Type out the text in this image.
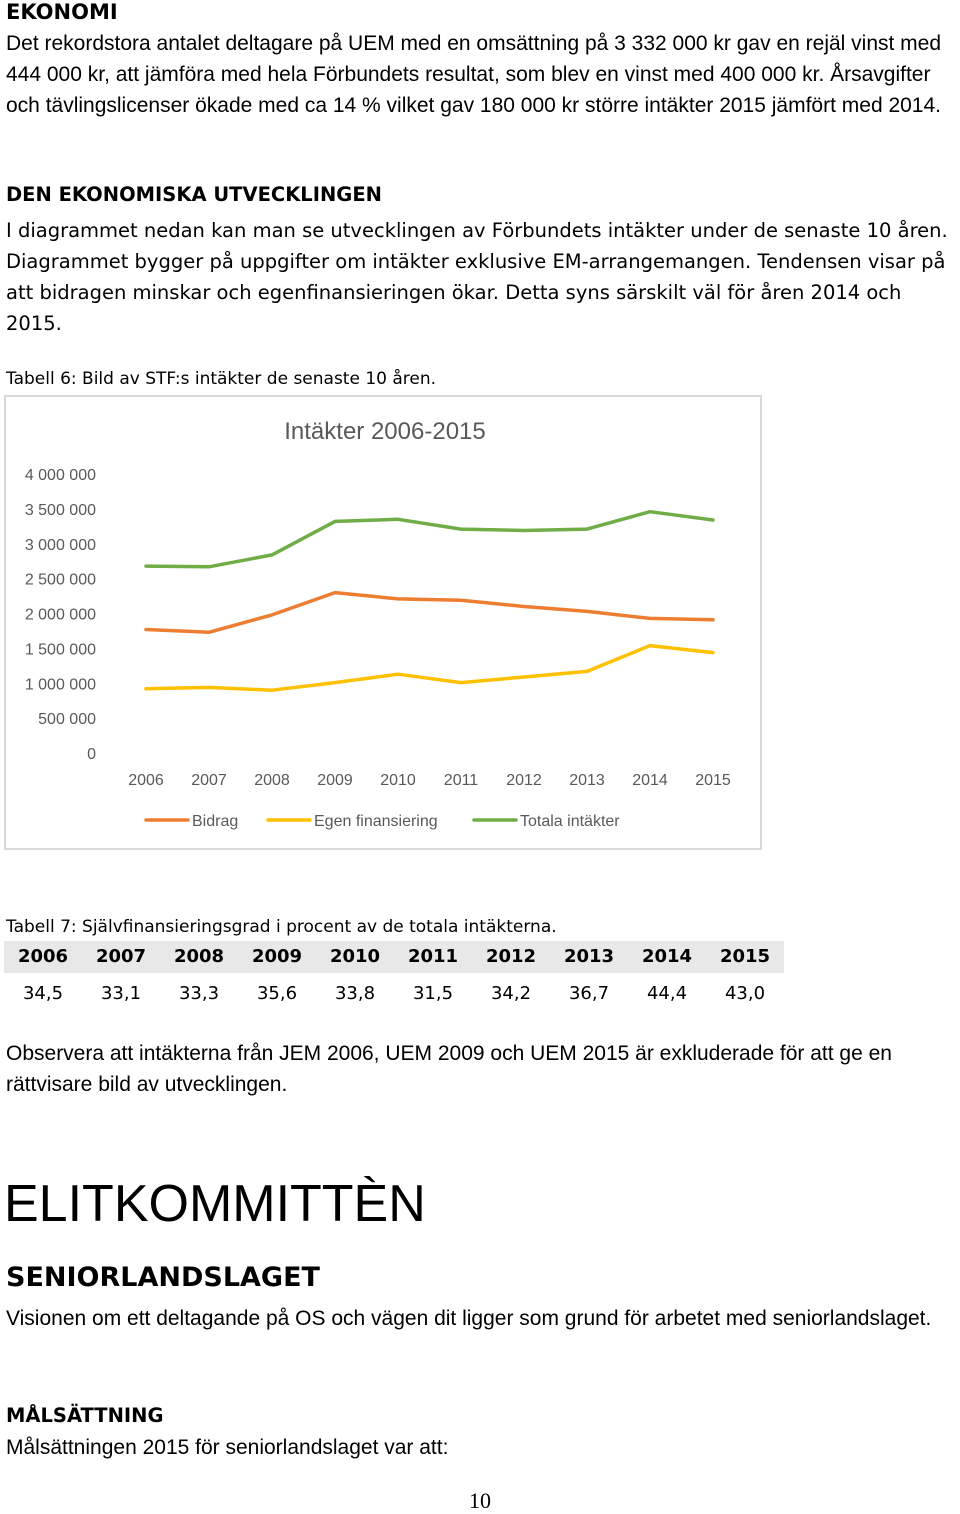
EKONOMI
Det rekordstora antalet deltagare på UEM med en omsättning på 3 332 000 kr gav en rejäl vinst med 444 000 kr, att jämföra med hela Förbundets resultat, som blev en vinst med 400 000 kr. Årsavgifter och tävlingslicenser ökade med ca 14 % vilket gav 180 000 kr större intäkter 2015 jämfört med 2014.
DEN EKONOMISKA UTVECKLINGEN
I diagrammet nedan kan man se utvecklingen av Förbundets intäkter under de senaste 10 åren. Diagrammet bygger på uppgifter om intäkter exklusive EM-arrangemangen. Tendensen visar på att bidragen minskar och egenfinansieringen ökar. Detta syns särskilt väl för åren 2014 och 2015.
Tabell 6: Bild av STF:s intäkter de senaste 10 åren.
Intäkter 2006-2015
4 000 000
3 500 000
3 000 000
2 500 000
2 000 000
1 500 000
1 000 000
500 000
0
2006 2007 2008 2009 2010 2011 2012 2013 2014 2015
Bidrag	Egen finansiering	Totala intäkter
Tabell 7: Självfinansieringsgrad i procent av de totala intäkterna.
2006	2007	2008	2009	2010	2011	2012	2013	2014	2015
34,5	33,1	33,3	35,6	33,8	31,5	34,2	36,7	44,4	43,0
Observera att intäkterna från JEM 2006, UEM 2009 och UEM 2015 är exkluderade för att ge en rättvisare bild av utvecklingen.
ELITKOMMITTÈN
SENIORLANDSLAGET
Visionen om ett deltagande på OS och vägen dit ligger som grund för arbetet med seniorlandslaget.
MÅLSÄTTNING
Målsättningen 2015 för seniorlandslaget var att:
10
